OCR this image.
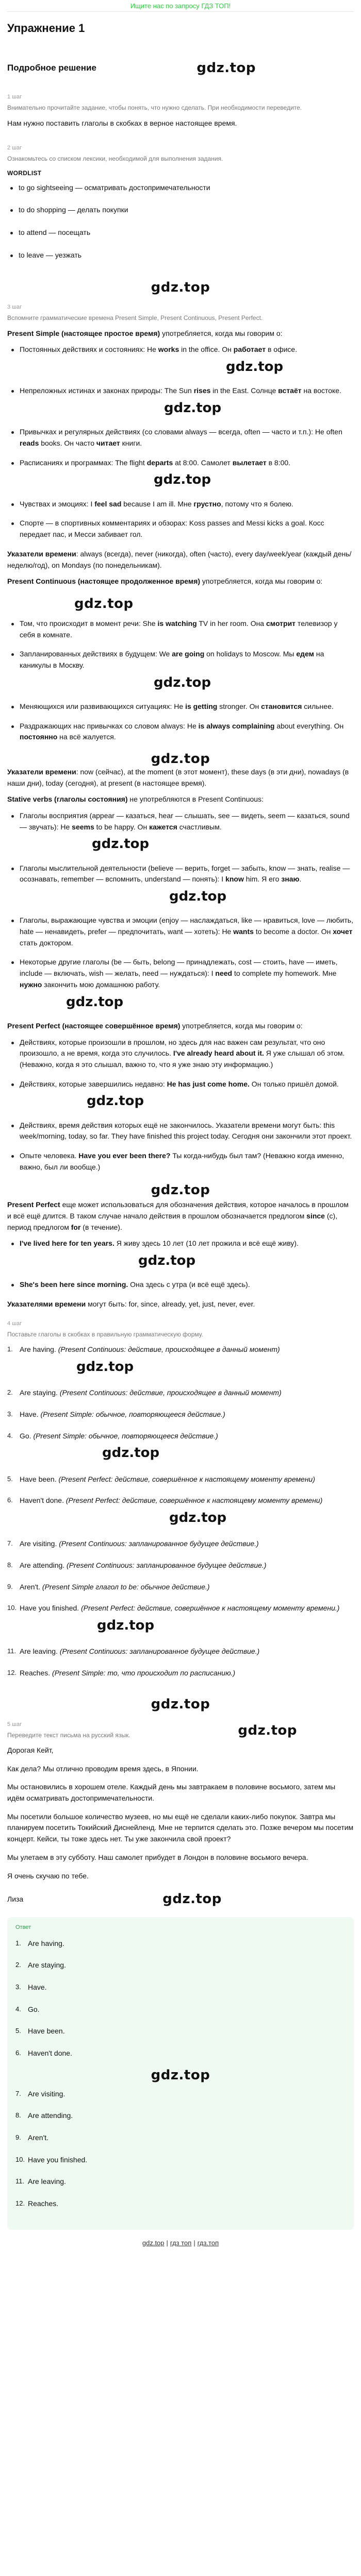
Ищите нас по запросу ГДЗ ТОП!
Упражнение 1
Подробное решение	gdz.top
1 шаг
Внимательно прочитайте задание, чтобы понять, что нужно сделать. При необходимости переведите.

Нам нужно поставить глаголы в скобках в верное настоящее время.

2 шаг
Ознакомьтесь со списком лексики, необходимой для выполнения задания.
WORDLIST
to go sightseeing — осматривать достопримечательности
to do shopping — делать покупки
to attend — посещать
to leave — уезжать
gdz.top
3 шаг
Вспомните грамматические времена Present Simple, Present Continuous, Present Perfect.

Present Simple (настоящее простое время) употребляется, когда мы говорим о:

Постоянных действиях и состояниях: He works in the office. Он работает в офисе.
gdz.top
Непреложных истинах и законах природы: The Sun rises in the East. Солнце встаёт на востоке.
gdz.top
Привычках и регулярных действиях (со словами always — всегда, often — часто и т.п.): He often reads books. Он часто читает книги.
Расписаниях и программах: The flight departs at 8:00. Самолет вылетает в 8:00.
gdz.top
Чувствах и эмоциях: I feel sad because I am ill. Мне грустно, потому что я болею.
Спорте — в спортивных комментариях и обзорах: Koss passes and Messi kicks a goal. Косс передает пас, и Месси забивает гол.

Указатели времени: always (всегда), never (никогда), often (часто), every day/week/year (каждый день/неделю/год), on Mondays (по понедельникам).

Present Continuous (настоящее продолженное время) употребляется, когда мы говорим о:

gdz.top
Том, что происходит в момент речи: She is watching TV in her room. Она смотрит телевизор у себя в комнате.
Запланированных действиях в будущем: We are going on holidays to Moscow. Мы едем на каникулы в Москву.
gdz.top
Меняющихся или развивающихся ситуациях: He is getting stronger. Он становится сильнее.
Раздражающих нас привычках со словом always: He is always complaining about everything. Он постоянно на всё жалуется.
gdz.top

Указатели времени: now (сейчас), at the moment (в этот момент), these days (в эти дни), nowadays (в наши дни), today (сегодня), at present (в настоящее время).

Stative verbs (глаголы состояния) не употребляются в Present Continuous:

Глаголы восприятия (appear — казаться, hear — слышать, see — видеть, seem — казаться, sound — звучать): He seems to be happy. Он кажется счастливым.
gdz.top
Глаголы мыслительной деятельности (believe — верить, forget — забыть, know — знать, realise — осознавать, remember — вспомнить, understand — понять): I know him. Я его знаю.
gdz.top
Глаголы, выражающие чувства и эмоции (enjoy — наслаждаться, like — нравиться, love — любить, hate — ненавидеть, prefer — предпочитать, want — хотеть): He wants to become a doctor. Он хочет стать доктором.
Некоторые другие глаголы (be — быть, belong — принадлежать, cost — стоить, have — иметь, include — включать, wish — желать, need — нуждаться): I need to complete my homework. Мне нужно закончить мою домашнюю работу.
gdz.top

Present Perfect (настоящее совершённое время) употребляется, когда мы говорим о:

Действиях, которые произошли в прошлом, но здесь для нас важен сам результат, что оно произошло, а не время, когда это случилось. I've already heard about it. Я уже слышал об этом. (Неважно, когда я это слышал, важно то, что я уже знаю эту информацию.)
Действиях, которые завершились недавно: He has just come home. Он только пришёл домой.
gdz.top
Действиях, время действия которых ещё не закончилось. Указатели времени могут быть: this week/morning, today, so far. They have finished this project today. Сегодня они закончили этот проект.
Опыте человека. Have you ever been there? Ты когда-нибудь был там? (Неважно когда именно, важно, был ли вообще.)
gdz.top

Present Perfect еще может использоваться для обозначения действия, которое началось в прошлом и всё ещё длится. В таком случае начало действия в прошлом обозначается предлогом since (с), период предлогом for (в течение).

I've lived here for ten years. Я живу здесь 10 лет (10 лет прожила и всё ещё живу).
gdz.top
She's been here since morning. Она здесь с утра (и всё ещё здесь).

Указателями времени могут быть: for, since, already, yet, just, never, ever.

4 шаг
Поставьте глаголы в скобках в правильную грамматическую форму.
Are having. (Present Continuous: действие, происходящее в данный момент)
gdz.top
Are staying. (Present Continuous: действие, происходящее в данный момент)
Have. (Present Simple: обычное, повторяющееся действие.)
Go. (Present Simple: обычное, повторяющееся действие.)
gdz.top
Have been. (Present Perfect: действие, совершённое к настоящему моменту времени)
Haven't done. (Present Perfect: действие, совершённое к настоящему моменту времени)
gdz.top
Are visiting. (Present Continuous: запланированное будущее действие.)
Are attending. (Present Continuous: запланированное будущее действие.)
Aren't. (Present Simple глагол to be: обычное действие.)
Have you finished. (Present Perfect: действие, совершённое к настоящему моменту времени.)
gdz.top
Are leaving. (Present Continuous: запланированное будущее действие.)
Reaches. (Present Simple: то, что происходит по расписанию.)
gdz.top
5 шаг
Переведите текст письма на русский язык.	gdz.top

Дорогая Кейт,

Как дела? Мы отлично проводим время здесь, в Японии.

Мы остановились в хорошем отеле. Каждый день мы завтракаем в половине восьмого, затем мы идём осматривать достопримечательности.

Мы посетили большое количество музеев, но мы ещё не сделали каких-либо покупок. Завтра мы планируем посетить Токийский Диснейленд. Мне не терпится сделать это. Позже вечером мы посетим концерт. Кейси, ты тоже здесь нет. Ты уже закончила свой проект?

Мы улетаем в эту субботу. Наш самолет прибудет в Лондон в половине восьмого вечера.

Я очень скучаю по тебе.

Лиза	gdz.top
Ответ
Are having.
Are staying.
Have.
Go.
Have been.
Haven't done.
gdz.top
Are visiting.
Are attending.
Aren't.
Have you finished.
Are leaving.
Reaches.
gdz.top | гдз топ | гдз.топ
